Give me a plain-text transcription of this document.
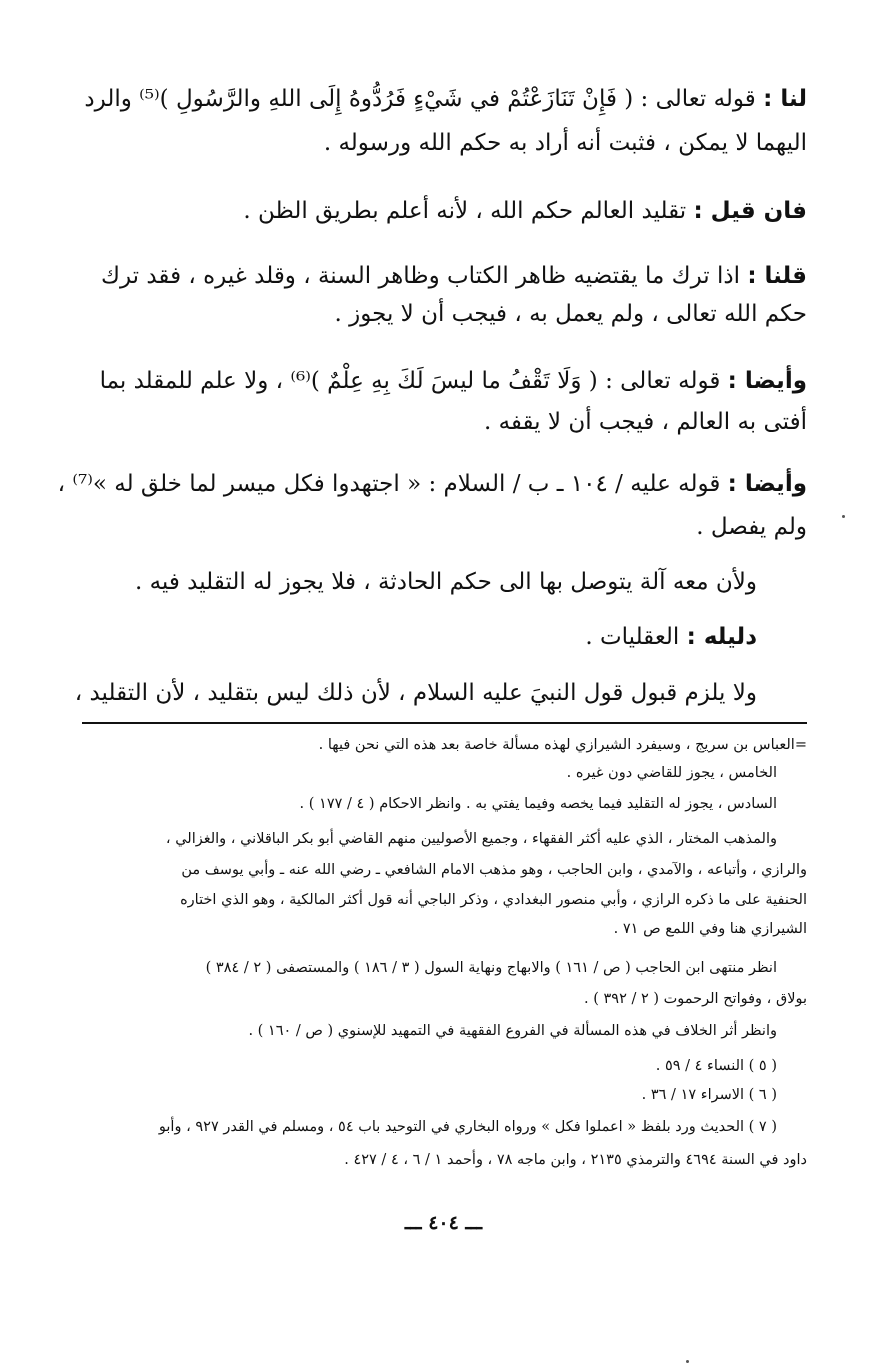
لنا : قوله تعالى : ( فَإِنْ تَنَازَعْتُمْ في شَيْءٍ فَرُدُّوهُ إِلَى اللهِ والرَّسُولِ )⁽⁵⁾ والرد
اليهما لا يمكن ، فثبت أنه أراد به حكم الله ورسوله .
فان قيل : تقليد العالم حكم الله ، لأنه أعلم بطريق الظن .
قلنا : اذا ترك ما يقتضيه ظاهر الكتاب وظاهر السنة ، وقلد غيره ، فقد ترك
حكم الله تعالى ، ولم يعمل به ، فيجب أن لا يجوز .
وأيضا : قوله تعالى : ( وَلَا تَقْفُ ما ليسَ لَكَ بِهِ عِلْمٌ )⁽⁶⁾ ، ولا علم للمقلد بما
أفتى به العالم ، فيجب أن لا يقفه .
وأيضا : قوله عليه / ١٠٤ ـ ب / السلام : « اجتهدوا فكل ميسر لما خلق له »⁽⁷⁾ ،
ولم يفصل .
ولأن معه آلة يتوصل بها الى حكم الحادثة ، فلا يجوز له التقليد فيه .
دليله : العقليات .
ولا يلزم قبول قول النبيَ عليه السلام ، لأن ذلك ليس بتقليد ، لأن التقليد ،
=العباس بن سريج ، وسيفرد الشيرازي لهذه مسألة خاصة بعد هذه التي نحن فيها .
الخامس ، يجوز للقاضي دون غيره .
السادس ، يجوز له التقليد فيما يخصه وفيما يفتي به . وانظر الاحكام ( ٤ / ١٧٧ ) .
والمذهب المختار ، الذي عليه أكثر الفقهاء ، وجميع الأصوليين منهم القاضي أبو بكر الباقلاني ، والغزالي ،
والرازي ، وأتباعه ، والآمدي ، وابن الحاجب ، وهو مذهب الامام الشافعي ـ رضي الله عنه ـ وأبي يوسف من
الحنفية على ما ذكره الرازي ، وأبي منصور البغدادي ، وذكر الباجي أنه قول أكثر المالكية ، وهو الذي اختاره
الشيرازي هنا وفي اللمع ص ٧١ .
انظر منتهى ابن الحاجب ( ص / ١٦١ ) والابهاج ونهاية السول ( ٣ / ١٨٦ ) والمستصفى ( ٢ / ٣٨٤ )
بولاق ، وفواتح الرحموت ( ٢ / ٣٩٢ ) .
وانظر أثر الخلاف في هذه المسألة في الفروع الفقهية في التمهيد للإسنوي ( ص / ١٦٠ ) .
( ٥ ) النساء ٤ / ٥٩ .
( ٦ ) الاسراء ١٧ / ٣٦ .
( ٧ ) الحديث ورد بلفظ « اعملوا فكل » ورواه البخاري في التوحيد باب ٥٤ ، ومسلم في القدر ٩٢٧ ، وأبو
داود في السنة ٤٦٩٤ والترمذي ٢١٣٥ ، وابن ماجه ٧٨ ، وأحمد ١ / ٦ ، ٤ / ٤٢٧ .
ـــ ٤٠٤ ـــ
